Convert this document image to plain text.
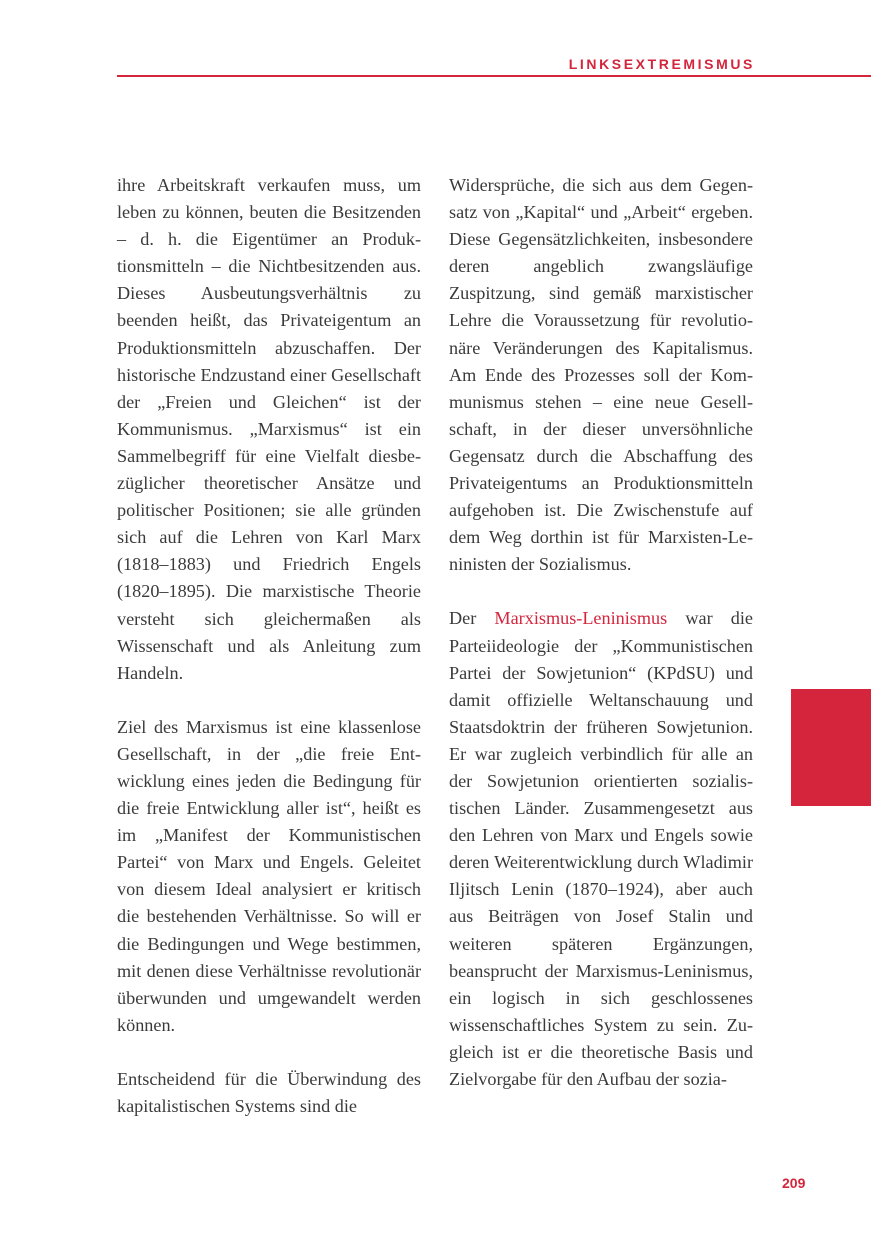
LINKSEXTREMISMUS

ihre Arbeitskraft verkaufen muss, um leben zu können, beuten die Besitzenden – d. h. die Eigentümer an Produktionsmitteln – die Nichtbesitzenden aus. Dieses Ausbeutungsverhältnis zu beenden heißt, das Privateigentum an Produktionsmitteln abzuschaffen. Der historische Endzustand einer Gesellschaft der „Freien und Gleichen“ ist der Kommunismus. „Marxismus“ ist ein Sammelbegriff für eine Vielfalt diesbezüglicher theoretischer Ansätze und politischer Positionen; sie alle gründen sich auf die Lehren von Karl Marx (1818–1883) und Friedrich Engels (1820–1895). Die marxistische Theorie versteht sich gleichermaßen als Wissenschaft und als Anleitung zum Handeln.

Ziel des Marxismus ist eine klassenlose Gesellschaft, in der „die freie Entwicklung eines jeden die Bedingung für die freie Entwicklung aller ist“, heißt es im „Manifest der Kommunistischen Partei“ von Marx und Engels. Geleitet von diesem Ideal analysiert er kritisch die bestehenden Verhältnisse. So will er die Bedingungen und Wege bestimmen, mit denen diese Verhältnisse revolutionär überwunden und umgewandelt werden können.

Entscheidend für die Überwindung des kapitalistischen Systems sind die

Widersprüche, die sich aus dem Gegensatz von „Kapital“ und „Arbeit“ ergeben. Diese Gegensätzlichkeiten, insbesondere deren angeblich zwangsläufige Zuspitzung, sind gemäß marxistischer Lehre die Voraussetzung für revolutionäre Veränderungen des Kapitalismus. Am Ende des Prozesses soll der Kommunismus stehen – eine neue Gesellschaft, in der dieser unversöhnliche Gegensatz durch die Abschaffung des Privateigentums an Produktionsmitteln aufgehoben ist. Die Zwischenstufe auf dem Weg dorthin ist für Marxisten-Leninisten der Sozialismus.

Der Marxismus-Leninismus war die Parteiideologie der „Kommunistischen Partei der Sowjetunion“ (KPdSU) und damit offizielle Weltanschauung und Staatsdoktrin der früheren Sowjetunion. Er war zugleich verbindlich für alle an der Sowjetunion orientierten sozialistischen Länder. Zusammengesetzt aus den Lehren von Marx und Engels sowie deren Weiterentwicklung durch Wladimir Iljitsch Lenin (1870–1924), aber auch aus Beiträgen von Josef Stalin und weiteren späteren Ergänzungen, beansprucht der Marxismus-Leninismus, ein logisch in sich geschlossenes wissenschaftliches System zu sein. Zugleich ist er die theoretische Basis und Zielvorgabe für den Aufbau der sozia-

209
